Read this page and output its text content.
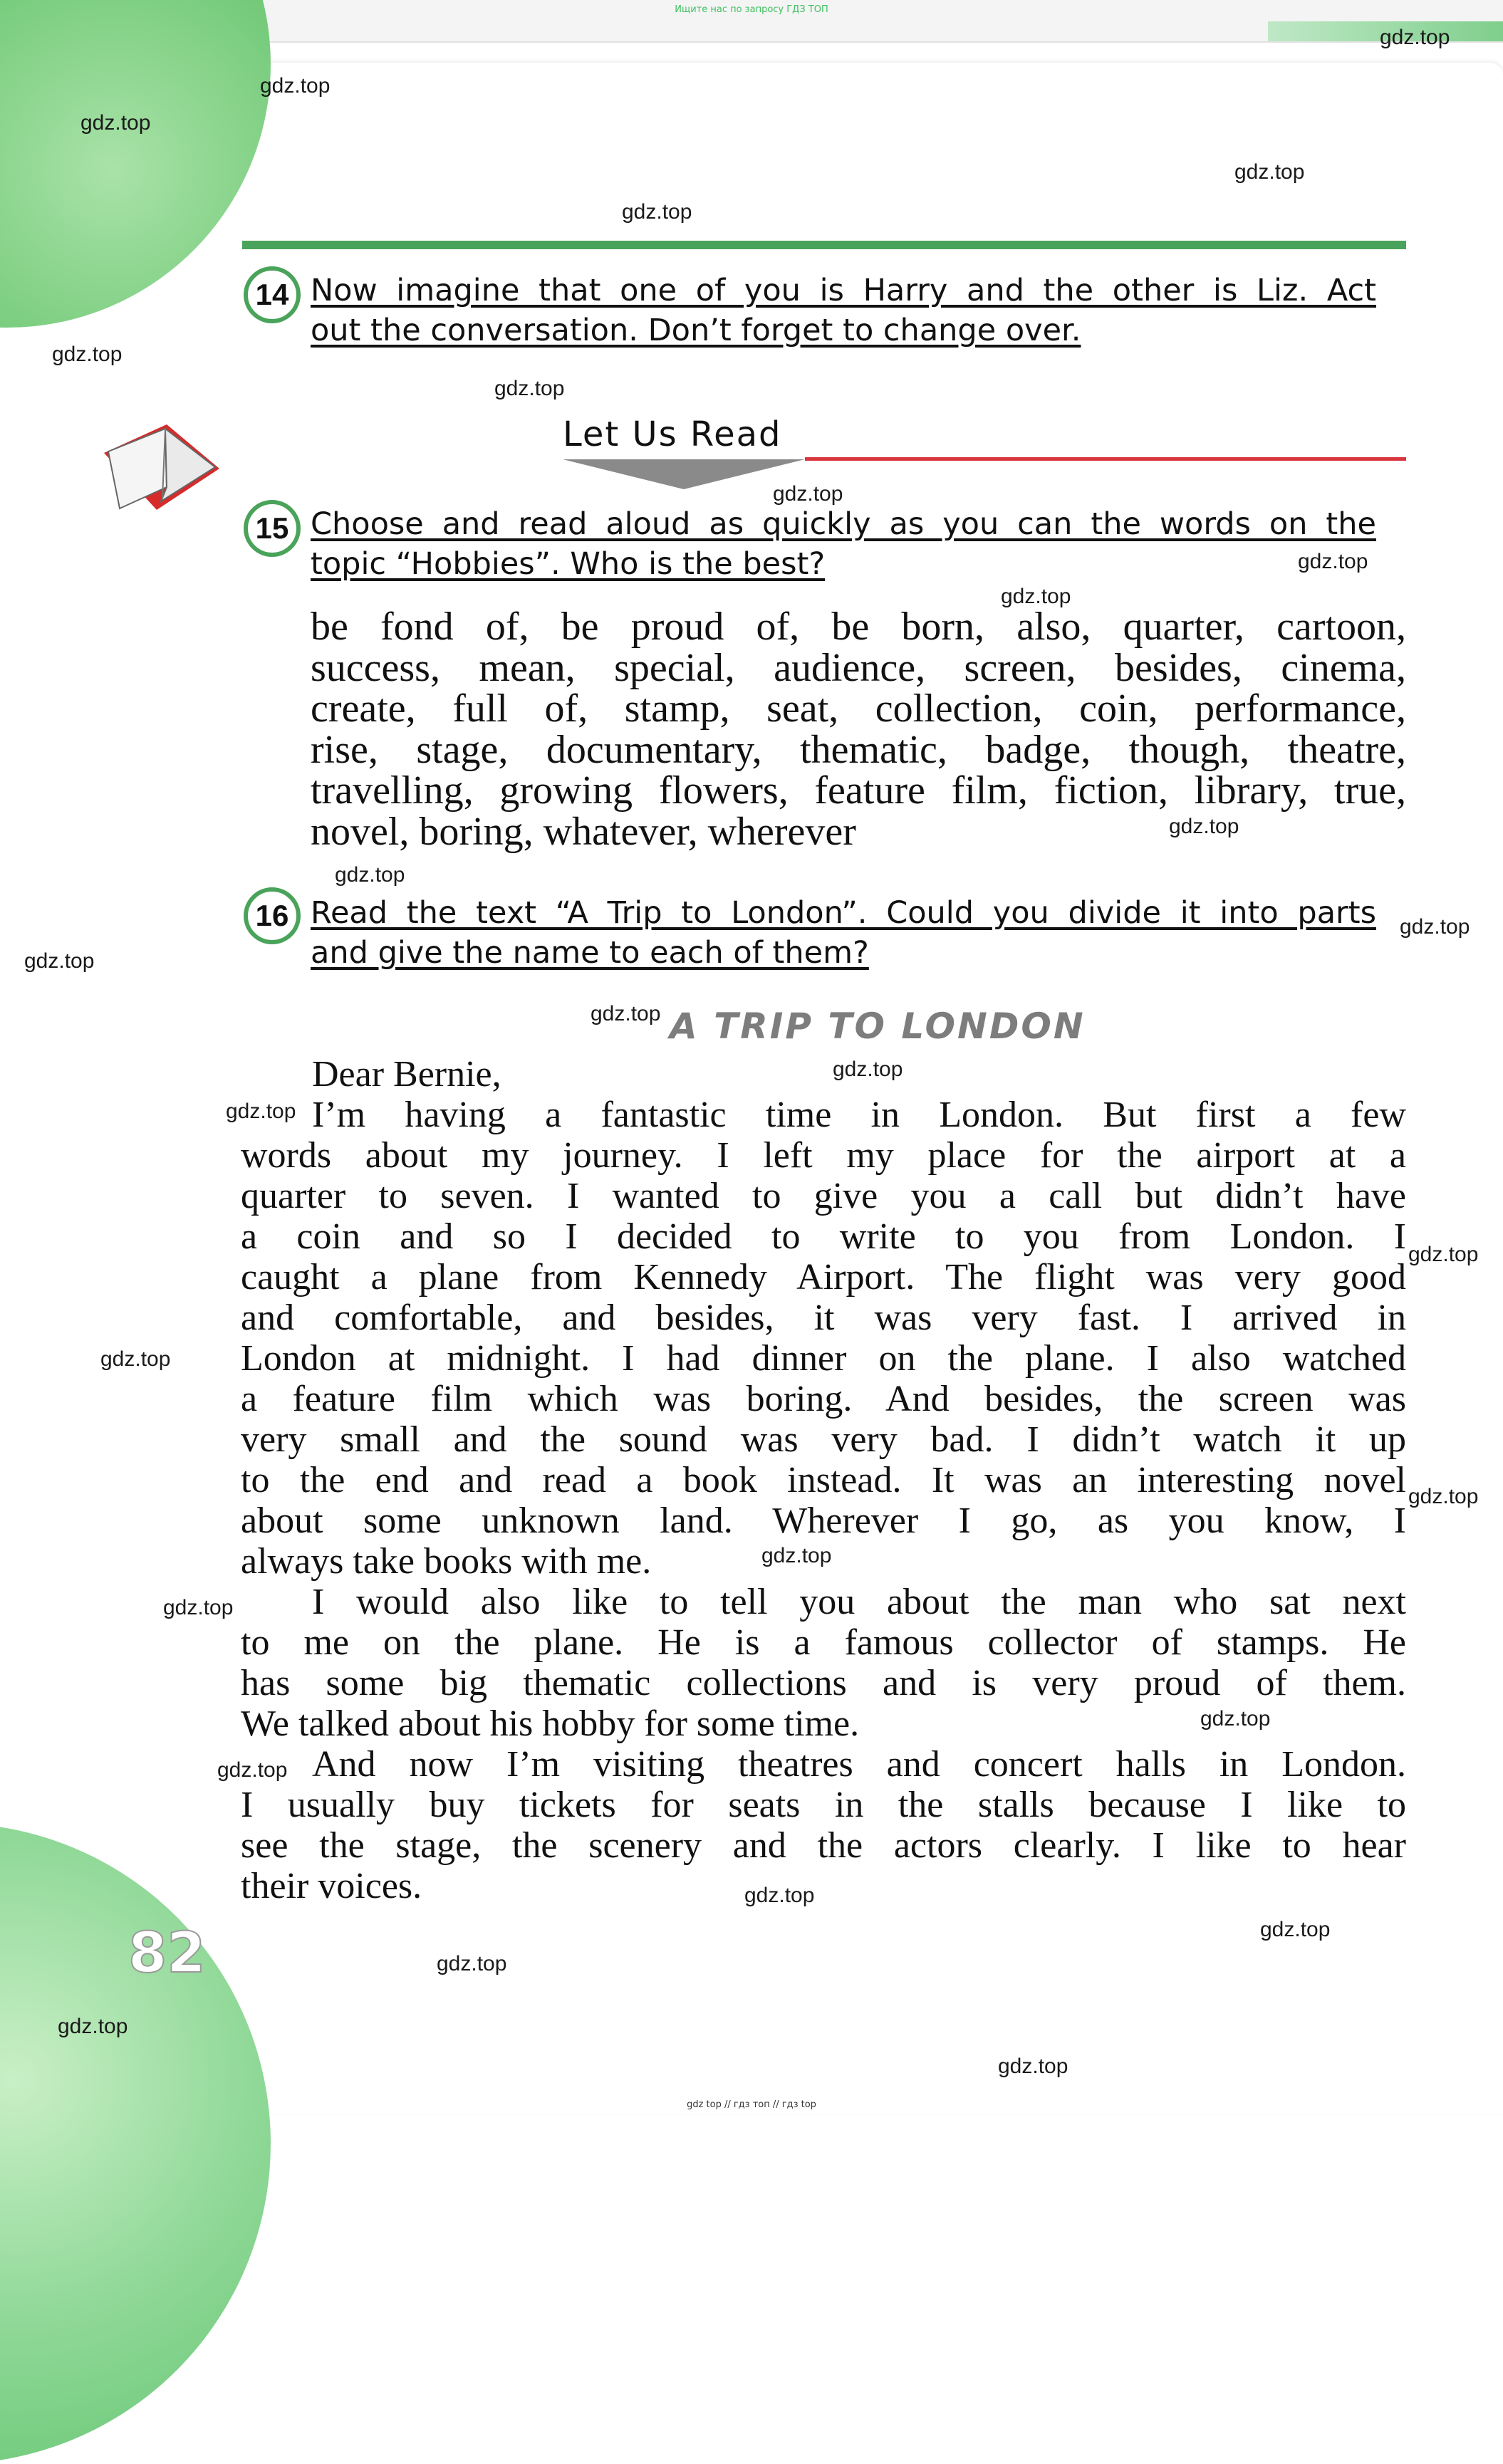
Ищите нас по запросу ГДЗ ТОП
14 Now imagine that one of you is Harry and the other is Liz. Act
out the conversation. Don’t forget to change over.
Let Us Read
15 Choose and read aloud as quickly as you can the words on the
topic “Hobbies”. Who is the best?
be fond of, be proud of, be born, also, quarter, cartoon,
success, mean, special, audience, screen, besides, cinema,
create, full of, stamp, seat, collection, coin, performance,
rise, stage, documentary, thematic, badge, though, theatre,
travelling, growing flowers, feature film, fiction, library, true,
novel, boring, whatever, wherever
16 Read the text “A Trip to London”. Could you divide it into parts
and give the name to each of them?
A TRIP TO LONDON
Dear Bernie,
I’m having a fantastic time in London. But first a few
words about my journey. I left my place for the airport at a
quarter to seven. I wanted to give you a call but didn’t have
a coin and so I decided to write to you from London. I
caught a plane from Kennedy Airport. The flight was very good
and comfortable, and besides, it was very fast. I arrived in
London at midnight. I had dinner on the plane. I also watched
a feature film which was boring. And besides, the screen was
very small and the sound was very bad. I didn’t watch it up
to the end and read a book instead. It was an interesting novel
about some unknown land. Wherever I go, as you know, I
always take books with me.
I would also like to tell you about the man who sat next
to me on the plane. He is a famous collector of stamps. He
has some big thematic collections and is very proud of them.
We talked about his hobby for some time.
And now I’m visiting theatres and concert halls in London.
I usually buy tickets for seats in the stalls because I like to
see the stage, the scenery and the actors clearly. I like to hear
their voices.
82
gdz.top
gdz.top
gdz.top
gdz.top
gdz.top
gdz.top
gdz.top
gdz.top
gdz.top
gdz.top
gdz.top
gdz.top
gdz.top
gdz.top
gdz.top
gdz.top
gdz.top
gdz.top
gdz.top
gdz.top
gdz.top
gdz.top
gdz.top
gdz.top
gdz.top
gdz.top
gdz.top
gdz.top
gdz.top
gdz top // гдз топ // гдз top
